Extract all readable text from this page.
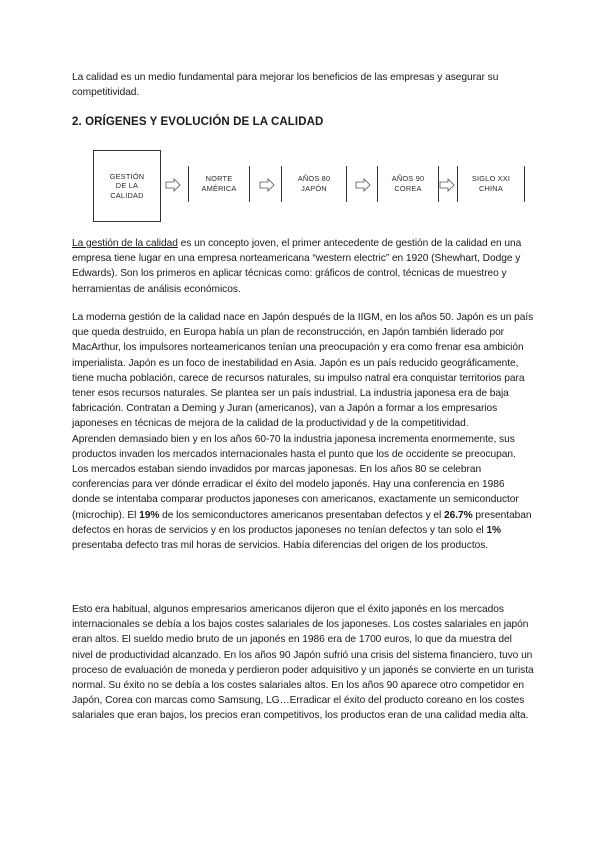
La calidad es un medio fundamental para mejorar los beneficios de las empresas y asegurar su competitividad.

2. ORÍGENES Y EVOLUCIÓN DE LA CALIDAD
GESTIÓN
DE LA
CALIDAD
NORTE
AMÉRICA
AÑOS 80
JAPÓN
AÑOS 90
COREA
SIGLO XXI
CHINA

La gestión de la calidad es un concepto joven, el primer antecedente de gestión de la calidad en una empresa tiene lugar en una empresa norteamericana “western electric” en 1920 (Shewhart, Dodge y Edwards). Son los primeros en aplicar técnicas como: gráficos de control, técnicas de muestreo y herramientas de análisis económicos.

La moderna gestión de la calidad nace en Japón después de la IIGM, en los años 50. Japón es un país que queda destruido, en Europa había un plan de reconstrucción, en Japón también liderado por MacArthur, los impulsores norteamericanos tenían una preocupación y era como frenar esa ambición imperialista. Japón es un foco de inestabilidad en Asia. Japón es un país reducido geográficamente, tiene mucha población, carece de recursos naturales, su impulso natral era conquistar territorios para tener esos recursos naturales. Se plantea ser un país industrial. La industria japonesa era de baja fabricación. Contratan a Deming y Juran (americanos), van a Japón a formar a los empresarios japoneses en técnicas de mejora de la calidad de la productividad y de la competitividad.
Aprenden demasiado bien y en los años 60-70 la industria japonesa incrementa enormemente, sus productos invaden los mercados internacionales hasta el punto que los de occidente se preocupan. Los mercados estaban siendo invadidos por marcas japonesas. En los años 80 se celebran conferencias para ver dónde erradicar el éxito del modelo japonés. Hay una conferencia en 1986 donde se intentaba comparar productos japoneses con americanos, exactamente un semiconductor (microchip). El 19% de los semiconductores americanos presentaban defectos y el 26.7% presentaban defectos en horas de servicios y en los productos japoneses no tenían defectos y tan solo el 1% presentaba defecto tras mil horas de servicios. Había diferencias del origen de los productos.

Esto era habitual, algunos empresarios americanos dijeron que el éxito japonés en los mercados internacionales se debía a los bajos costes salariales de los japoneses. Los costes salariales en japón eran altos. El sueldo medio bruto de un japonés en 1986 era de 1700 euros, lo que da muestra del nivel de productividad alcanzado. En los años 90 Japón sufrió una crisis del sistema financiero, tuvo un proceso de evaluación de moneda y perdieron poder adquisitivo y un japonés se convierte en un turista normal. Su éxito no se debía a los costes salariales altos. En los años 90 aparece otro competidor en Japón, Corea con marcas como Samsung, LG…Erradicar el éxito del producto coreano en los costes salariales que eran bajos, los precios eran competitivos, los productos eran de una calidad media alta.
